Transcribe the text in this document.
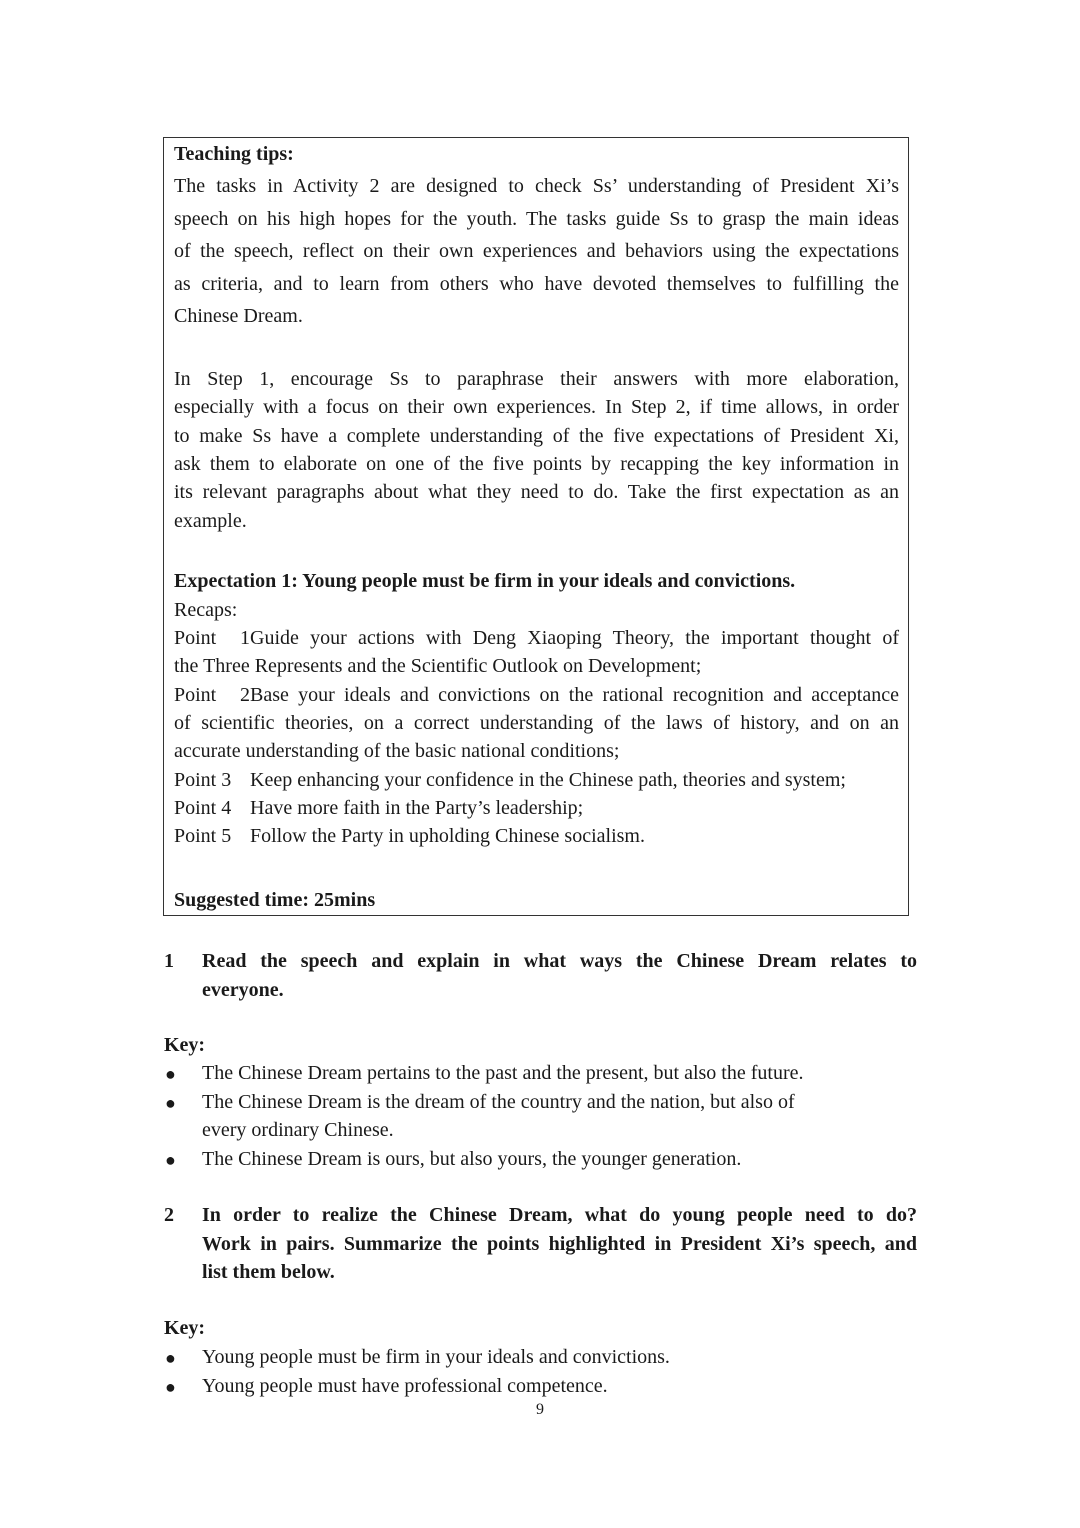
Teaching tips:
The tasks in Activity 2 are designed to check Ss’ understanding of President Xi’s
speech on his high hopes for the youth. The tasks guide Ss to grasp the main ideas
of the speech, reflect on their own experiences and behaviors using the expectations
as criteria, and to learn from others who have devoted themselves to fulfilling the
Chinese Dream.
In Step 1, encourage Ss to paraphrase their answers with more elaboration,
especially with a focus on their own experiences. In Step 2, if time allows, in order
to make Ss have a complete understanding of the five expectations of President Xi,
ask them to elaborate on one of the five points by recapping the key information in
its relevant paragraphs about what they need to do. Take the first expectation as an
example.
Expectation 1: Young people must be firm in your ideals and convictions.
Recaps:
Point 1Guide your actions with Deng Xiaoping Theory, the important thought of
the Three Represents and the Scientific Outlook on Development;
Point 2Base your ideals and convictions on the rational recognition and acceptance
of scientific theories, on a correct understanding of the laws of history, and on an
accurate understanding of the basic national conditions;
Point 3 Keep enhancing your confidence in the Chinese path, theories and system;
Point 4 Have more faith in the Party’s leadership;
Point 5 Follow the Party in upholding Chinese socialism.
Suggested time: 25mins
1 Read the speech and explain in what ways the Chinese Dream relates to
everyone.
Key:
● The Chinese Dream pertains to the past and the present, but also the future.
● The Chinese Dream is the dream of the country and the nation, but also of
every ordinary Chinese.
● The Chinese Dream is ours, but also yours, the younger generation.
2 In order to realize the Chinese Dream, what do young people need to do?
Work in pairs. Summarize the points highlighted in President Xi’s speech, and
list them below.
Key:
● Young people must be firm in your ideals and convictions.
● Young people must have professional competence.
9
